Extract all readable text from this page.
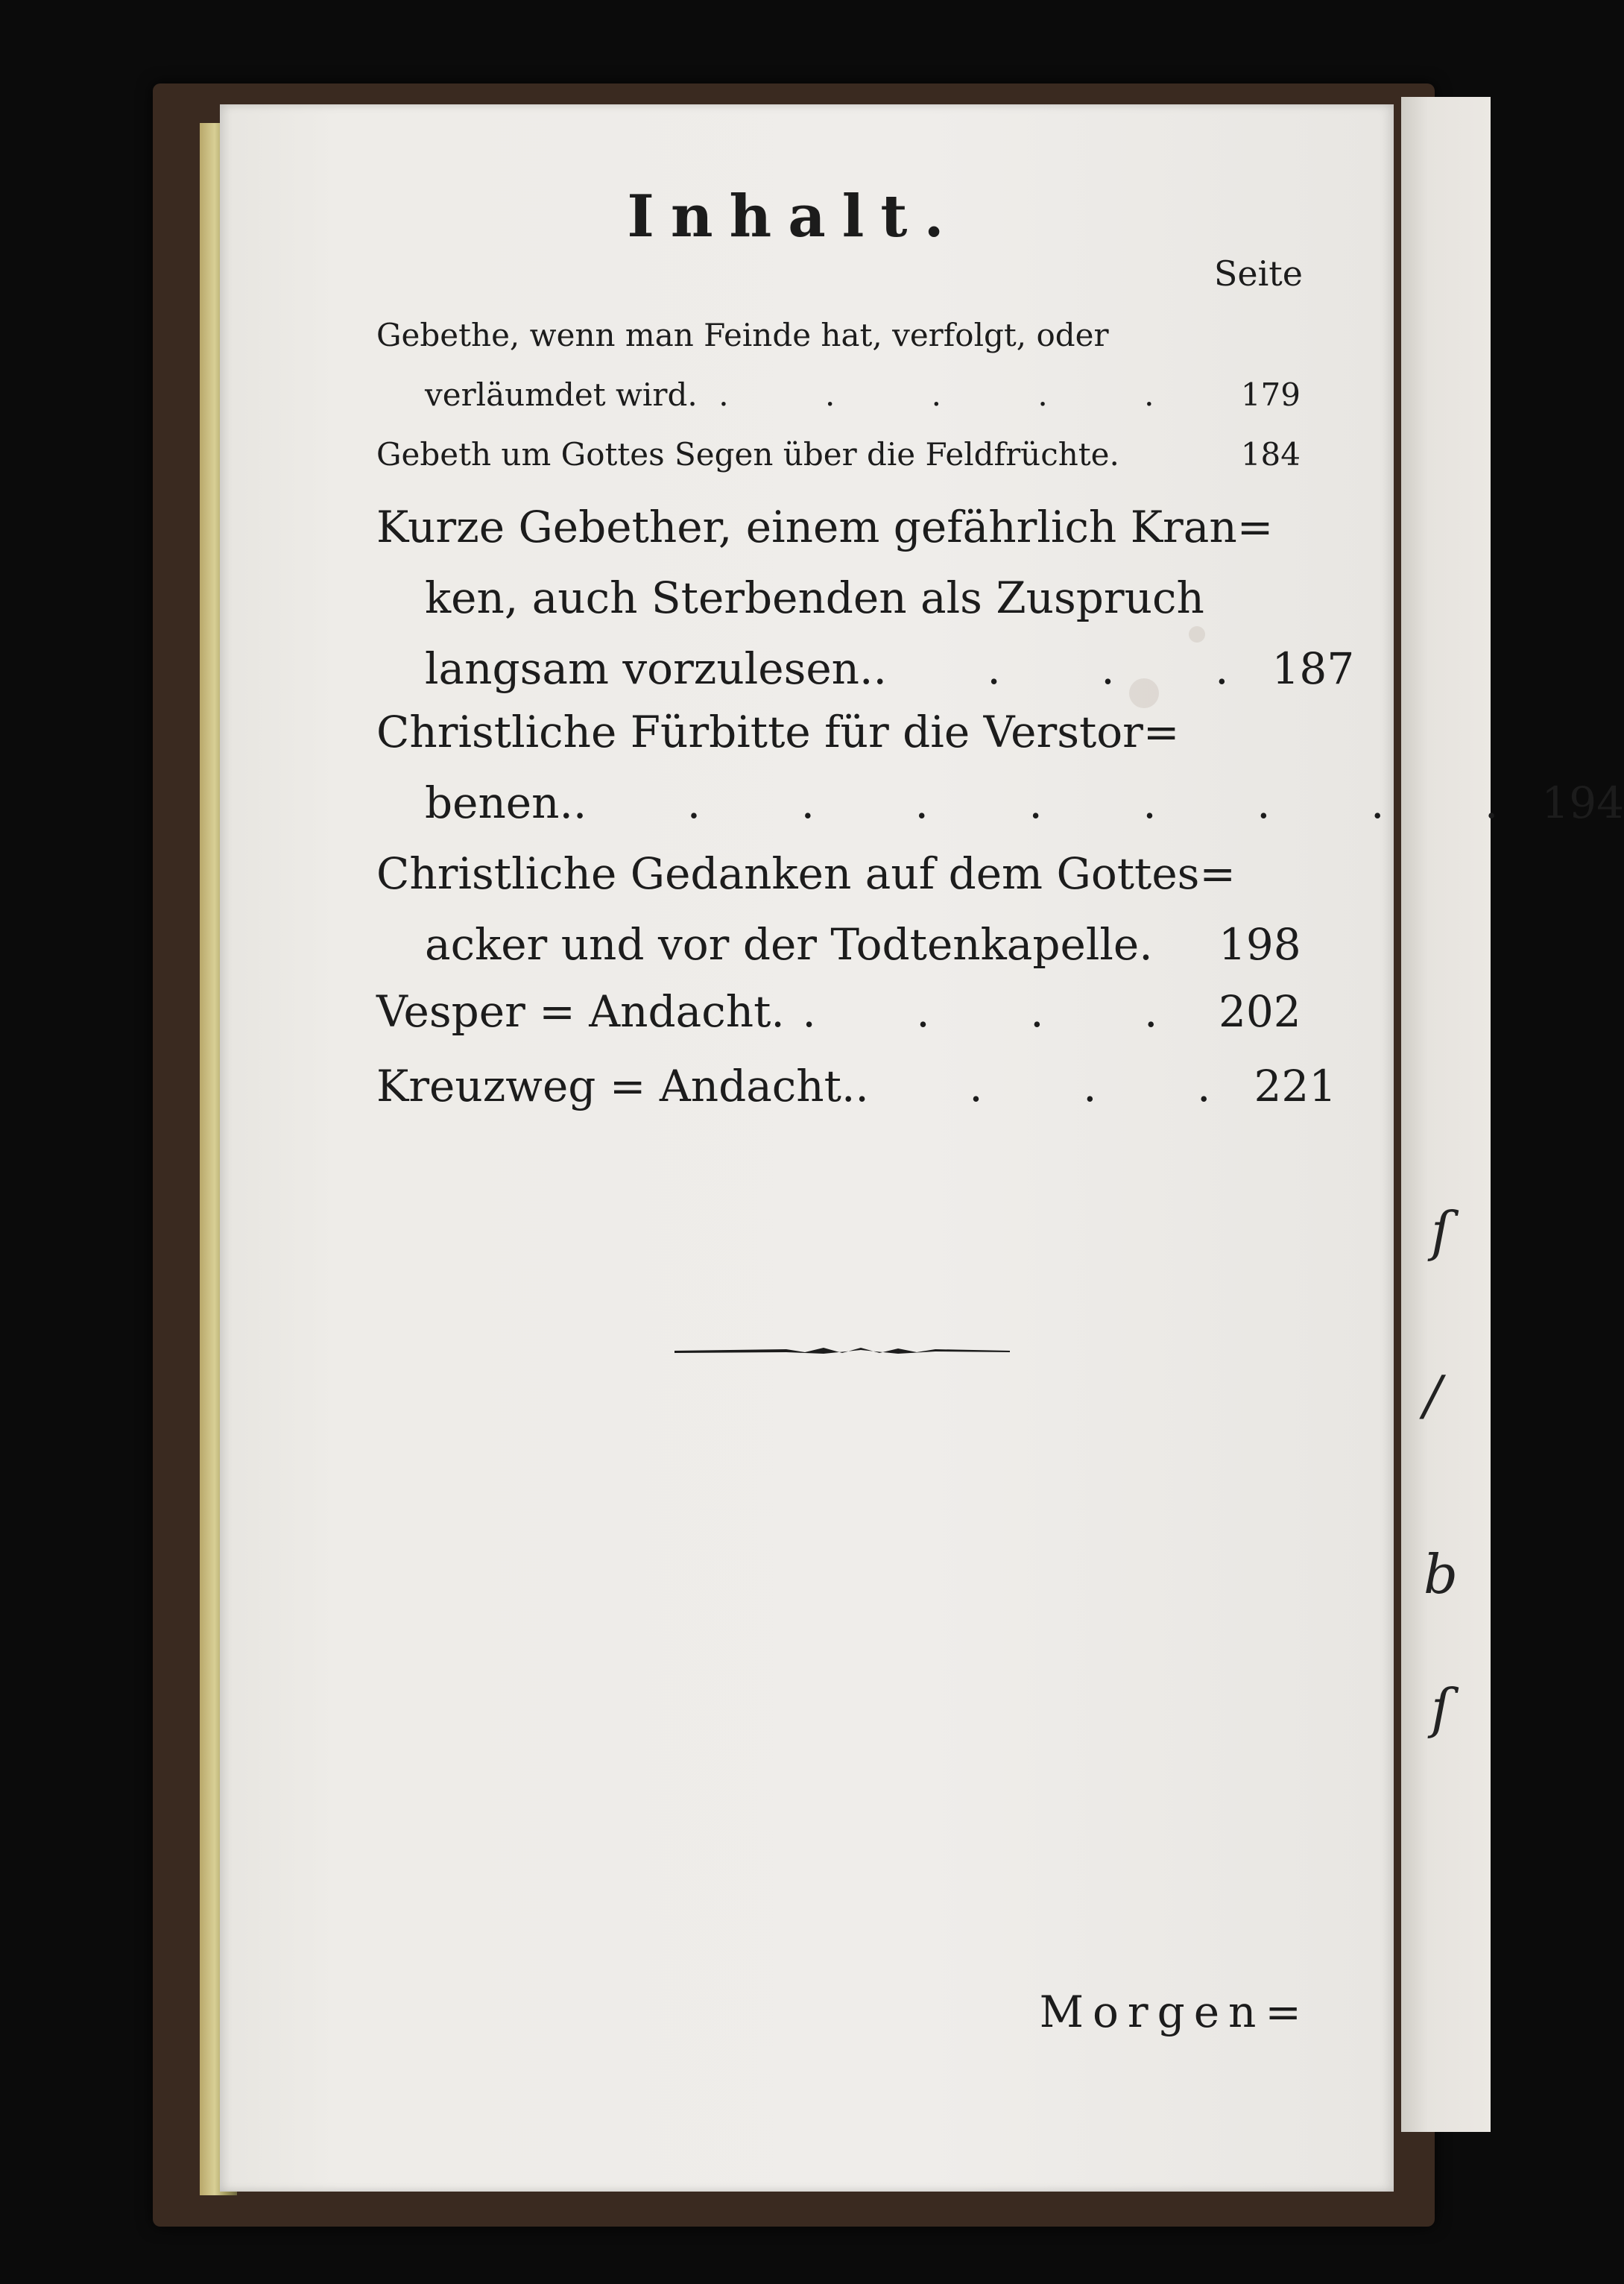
ſ
/
b
ſ
Inhalt.
Seite
Gebethe, wenn man Feinde hat, verfolgt, oder
verläumdet wird. . . . . .	179
Gebeth um Gottes Segen über die Feldfrüchte.	184
Kurze Gebether, einem gefährlich Kran=
ken, auch Sterbenden als Zuspruch
langsam vorzulesen. . . . . 187
Christliche Fürbitte für die Verstor=
benen. . . . . . . . . . 194
Christliche Gedanken auf dem Gottes=
acker und vor der Todtenkapelle. 198
Vesper = Andacht. . . . . 202
Kreuzweg = Andacht. . . . . 221
Morgen=
